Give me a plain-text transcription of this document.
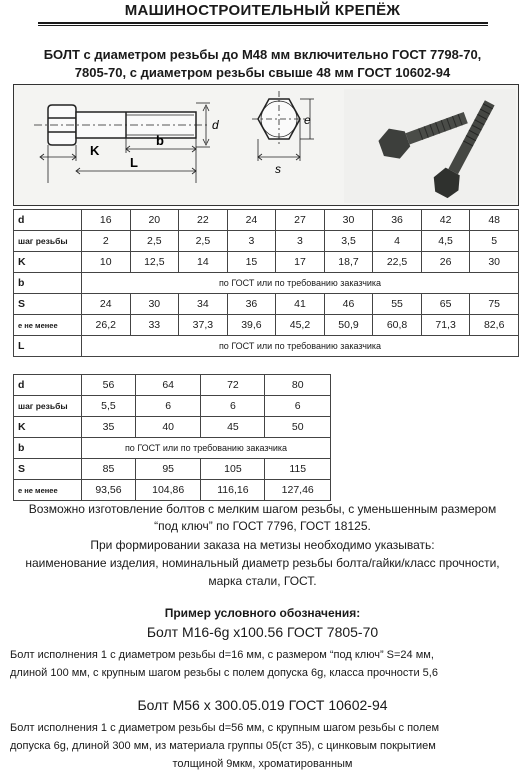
МАШИНОСТРОИТЕЛЬНЫЙ КРЕПЁЖ
БОЛТ с диаметром резьбы до М48 мм включительно ГОСТ 7798-70,
7805-70, с диаметром резьбы свыше 48 мм ГОСТ 10602-94
K
b
L
d	e
s
d	16	20	22	24	27	30	36	42	48
шаг резьбы	2	2,5	2,5	3	3	3,5	4	4,5	5
K	10	12,5	14	15	17	18,7	22,5	26	30
b	по ГОСТ или по требованию заказчика								
S	24	30	34	36	41	46	55	65	75
е не менее	26,2	33	37,3	39,6	45,2	50,9	60,8	71,3	82,6
L	по ГОСТ или по требованию заказчика								
d	56	64	72	80
шаг резьбы	5,5	6	6	6
K	35	40	45	50
b	по ГОСТ или по требованию заказчика			
S	85	95	105	115
е не менее	93,56	104,86	116,16	127,46
Возможно изготовление болтов с мелким шагом резьбы, с уменьшенным размером
“под ключ” по ГОСТ 7796, ГОСТ 18125.
При формировании заказа на метизы необходимо указывать:
наименование изделия, номинальный диаметр резьбы болта/гайки/класс прочности,
марка стали, ГОСТ.
Пример условного обозначения:
Болт М16-6g х100.56 ГОСТ 7805-70
Болт исполнения 1 с диаметром резьбы d=16 мм, с размером “под ключ” S=24 мм,
длиной 100 мм, с крупным шагом резьбы с полем допуска 6g, класса прочности 5,6
Болт М56 х 300.05.019 ГОСТ 10602-94
Болт исполнения 1 с диаметром резьбы d=56 мм, с крупным шагом резьбы с полем
допуска 6g, длиной 300 мм, из материала группы 05(ст 35), с цинковым покрытием
толщиной 9мкм, хроматированным
